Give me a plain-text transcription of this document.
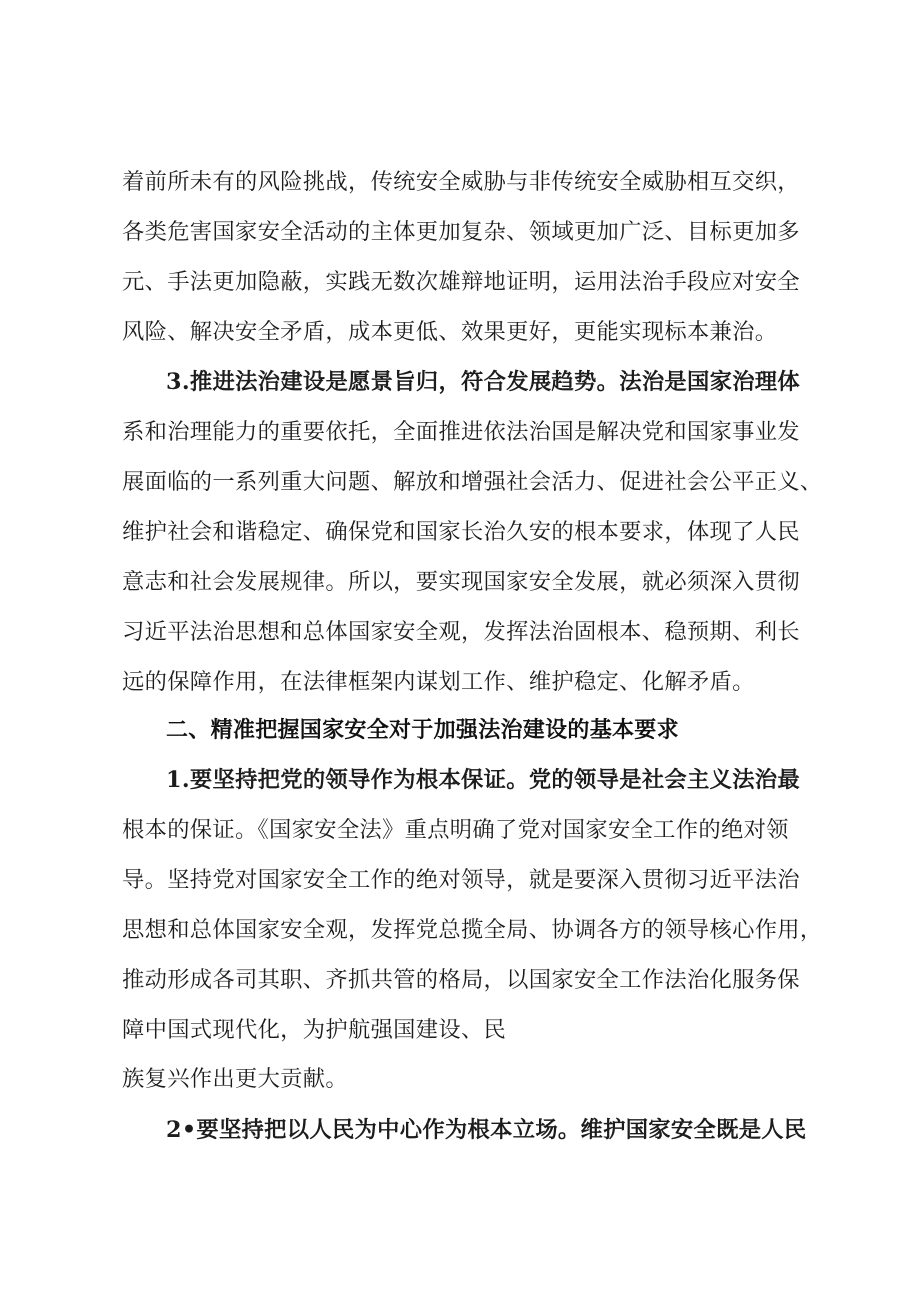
着前所未有的风险挑战，传统安全威胁与非传统安全威胁相互交织，
各类危害国家安全活动的主体更加复杂、领域更加广泛、目标更加多
元、手法更加隐蔽，实践无数次雄辩地证明，运用法治手段应对安全
风险、解决安全矛盾，成本更低、效果更好，更能实现标本兼治。
3.推进法治建设是愿景旨归，符合发展趋势。法治是国家治理体
系和治理能力的重要依托，全面推进依法治国是解决党和国家事业发
展面临的一系列重大问题、解放和增强社会活力、促进社会公平正义、
维护社会和谐稳定、确保党和国家长治久安的根本要求，体现了人民
意志和社会发展规律。所以，要实现国家安全发展，就必须深入贯彻
习近平法治思想和总体国家安全观，发挥法治固根本、稳预期、利长
远的保障作用，在法律框架内谋划工作、维护稳定、化解矛盾。
二、精准把握国家安全对于加强法治建设的基本要求
1.要坚持把党的领导作为根本保证。党的领导是社会主义法治最
根本的保证。《国家安全法》重点明确了党对国家安全工作的绝对领
导。坚持党对国家安全工作的绝对领导，就是要深入贯彻习近平法治
思想和总体国家安全观，发挥党总揽全局、协调各方的领导核心作用，
推动形成各司其职、齐抓共管的格局，以国家安全工作法治化服务保
障中国式现代化，为护航强国建设、民
族复兴作出更大贡献。
2•要坚持把以人民为中心作为根本立场。维护国家安全既是人民
